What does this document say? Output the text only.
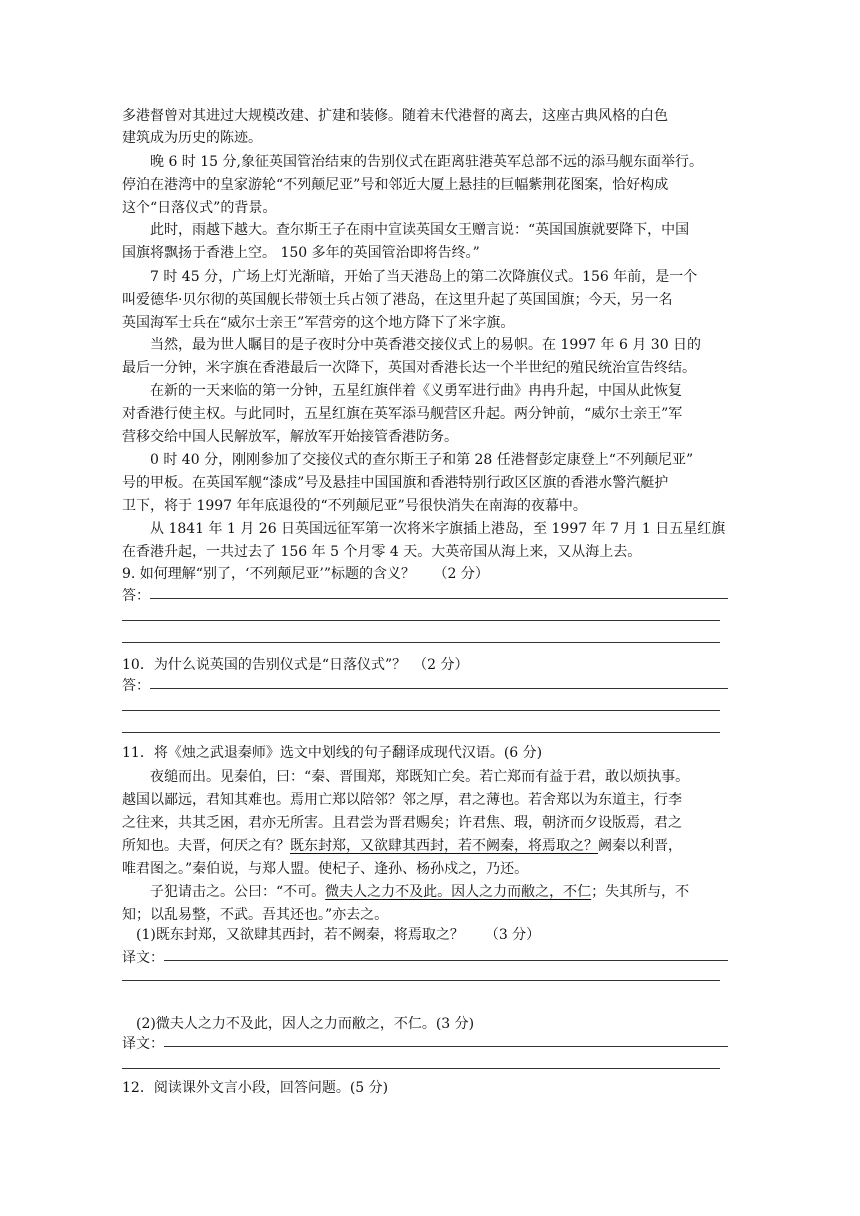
多港督曾对其进过大规模改建、扩建和装修。随着末代港督的离去，这座古典风格的白色
建筑成为历史的陈迹。
晚 6 时 15 分,象征英国管治结束的告别仪式在距离驻港英军总部不远的添马舰东面举行。
停泊在港湾中的皇家游轮“不列颠尼亚”号和邻近大厦上悬挂的巨幅紫荆花图案，恰好构成
这个“日落仪式”的背景。
此时，雨越下越大。查尔斯王子在雨中宣读英国女王赠言说：“英国国旗就要降下，中国
国旗将飘扬于香港上空。 150 多年的英国管治即将告终。”
7 时 45 分，广场上灯光渐暗，开始了当天港岛上的第二次降旗仪式。156 年前，是一个
叫爱德华·贝尔彻的英国舰长带领士兵占领了港岛，在这里升起了英国国旗；今天，另一名
英国海军士兵在“威尔士亲王”军营旁的这个地方降下了米字旗。
当然，最为世人瞩目的是子夜时分中英香港交接仪式上的易帜。在 1997 年 6 月 30 日的
最后一分钟，米字旗在香港最后一次降下，英国对香港长达一个半世纪的殖民统治宣告终结。
在新的一天来临的第一分钟，五星红旗伴着《义勇军进行曲》冉冉升起，中国从此恢复
对香港行使主权。与此同时，五星红旗在英军添马舰营区升起。两分钟前，“威尔士亲王”军
营移交给中国人民解放军，解放军开始接管香港防务。
0 时 40 分，刚刚参加了交接仪式的查尔斯王子和第 28 任港督彭定康登上“不列颠尼亚”
号的甲板。在英国军舰“漆成”号及悬挂中国国旗和香港特别行政区区旗的香港水警汽艇护
卫下，将于 1997 年年底退役的“不列颠尼亚”号很快消失在南海的夜幕中。
从 1841 年 1 月 26 日英国远征军第一次将米字旗插上港岛，至 1997 年 7 月 1 日五星红旗
在香港升起，一共过去了 156 年 5 个月零 4 天。大英帝国从海上来，又从海上去。
9. 如何理解“别了，‘不列颠尼亚’”标题的含义？　 （2 分）
答：
10．为什么说英国的告别仪式是“日落仪式”？　（2 分）
答：
11．将《烛之武退秦师》选文中划线的句子翻译成现代汉语。(6 分)
夜缒而出。见秦伯，曰：“秦、晋围郑，郑既知亡矣。若亡郑而有益于君，敢以烦执事。
越国以鄙远，君知其难也。焉用亡郑以陪邻？邻之厚，君之薄也。若舍郑以为东道主，行李
之往来，共其乏困，君亦无所害。且君尝为晋君赐矣；许君焦、瑕，朝济而夕设版焉，君之
所知也。夫晋，何厌之有？既东封郑，又欲肆其西封，若不阙秦，将焉取之？阙秦以利晋，
唯君图之。”秦伯说，与郑人盟。使杞子、逢孙、杨孙戍之，乃还。
子犯请击之。公曰：“不可。微夫人之力不及此。因人之力而敝之，不仁；失其所与，不
知；以乱易整，不武。吾其还也。”亦去之。
(1)既东封郑，又欲肆其西封，若不阙秦，将焉取之？　　（3 分）
译文：
(2)微夫人之力不及此，因人之力而敝之，不仁。(3 分)
译文：
12．阅读课外文言小段，回答问题。(5 分)
